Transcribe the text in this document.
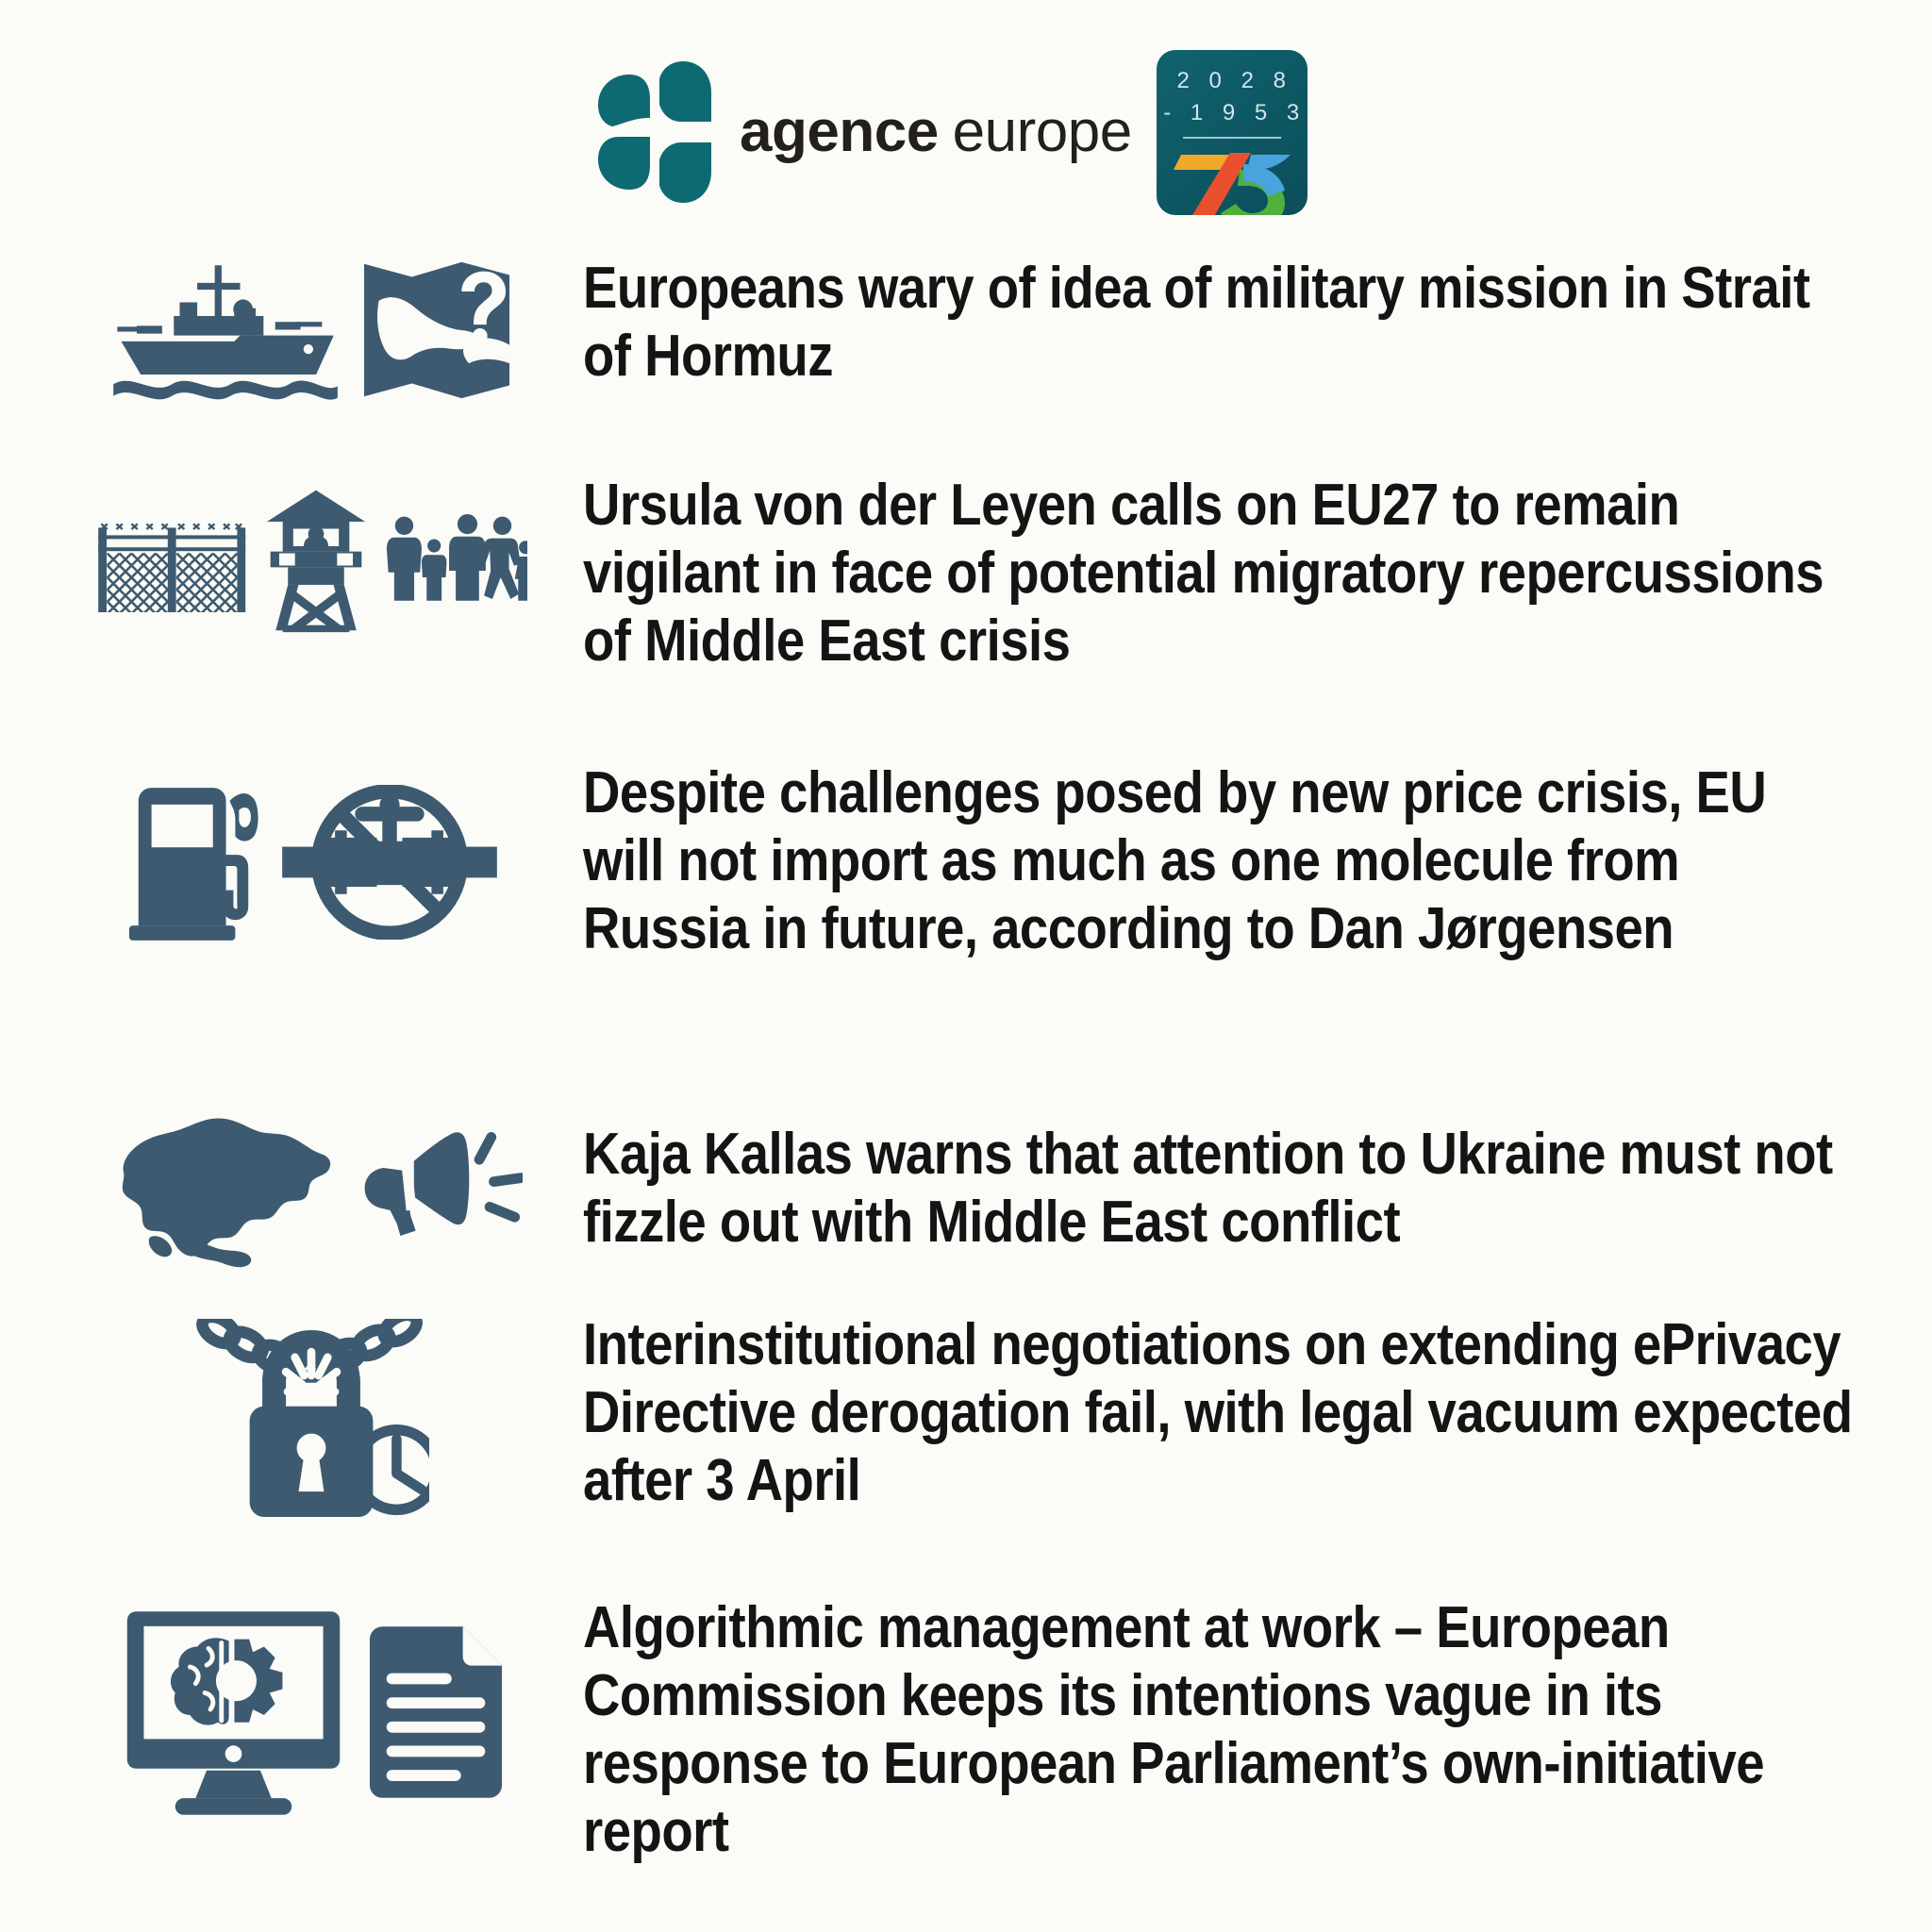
agence europe
2 0 2 8
- 1 9 5 3

Europeans wary of idea of military mission in Strait of Hormuz

Ursula von der Leyen calls on EU27 to remain vigilant in face of potential migratory repercussions of Middle East crisis

Despite challenges posed by new price crisis, EU will not import as much as one molecule from Russia in future, according to Dan Jørgensen

Kaja Kallas warns that attention to Ukraine must not fizzle out with Middle East conflict

Interinstitutional negotiations on extending ePrivacy Directive derogation fail, with legal vacuum expected after 3 April

Algorithmic management at work – European Commission keeps its intentions vague in its response to European Parliament’s own-initiative report
